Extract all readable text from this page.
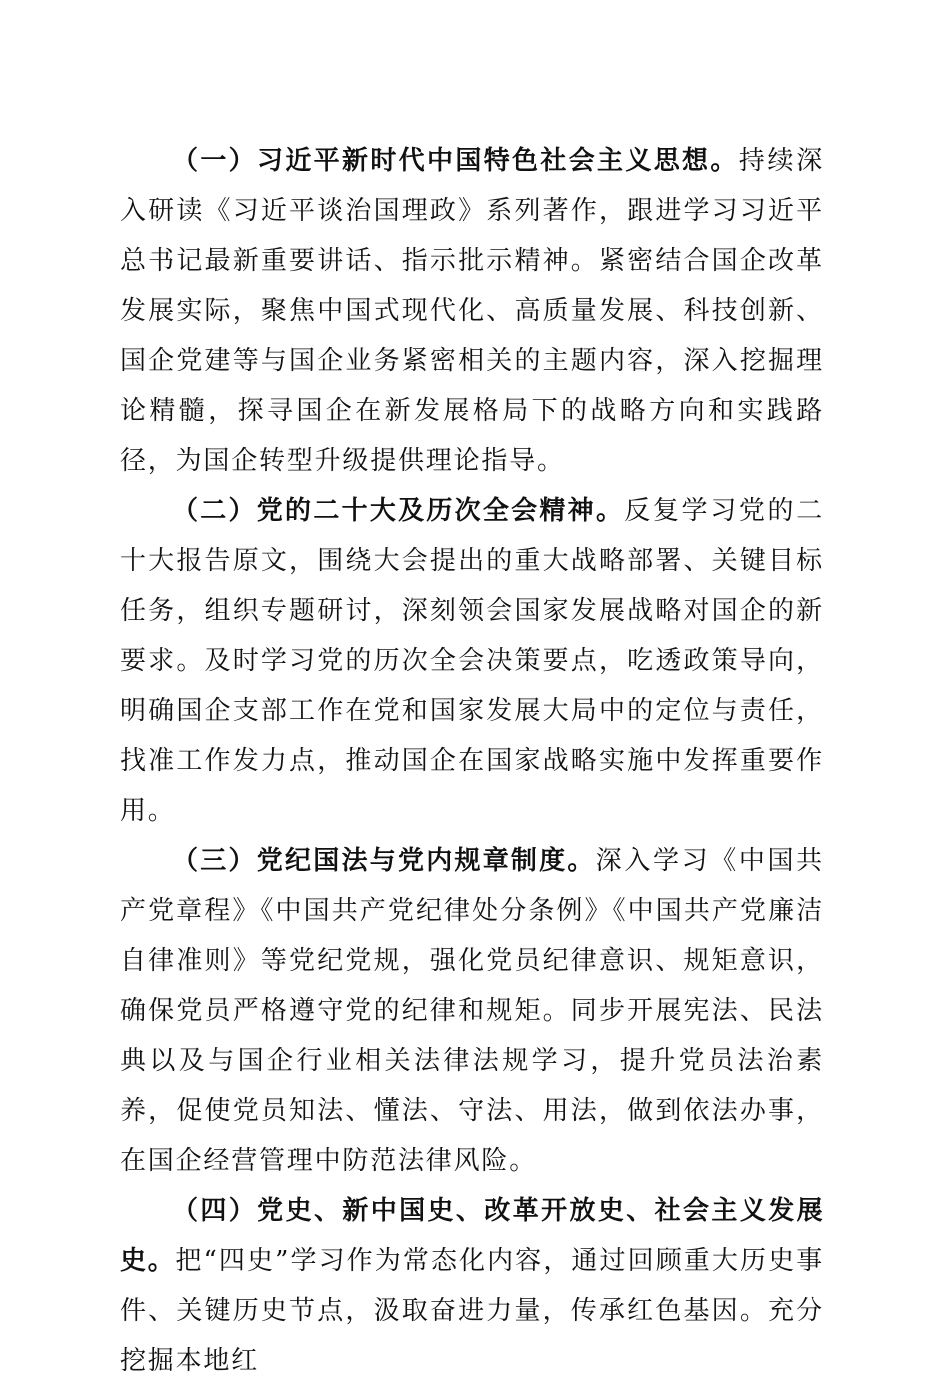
（一）习近平新时代中国特色社会主义思想。持续深入研读《习近平谈治国理政》系列著作，跟进学习习近平总书记最新重要讲话、指示批示精神。紧密结合国企改革发展实际，聚焦中国式现代化、高质量发展、科技创新、国企党建等与国企业务紧密相关的主题内容，深入挖掘理论精髓，探寻国企在新发展格局下的战略方向和实践路径，为国企转型升级提供理论指导。

（二）党的二十大及历次全会精神。反复学习党的二十大报告原文，围绕大会提出的重大战略部署、关键目标任务，组织专题研讨，深刻领会国家发展战略对国企的新要求。及时学习党的历次全会决策要点，吃透政策导向，明确国企支部工作在党和国家发展大局中的定位与责任，找准工作发力点，推动国企在国家战略实施中发挥重要作用。

（三）党纪国法与党内规章制度。深入学习《中国共产党章程》《中国共产党纪律处分条例》《中国共产党廉洁自律准则》等党纪党规，强化党员纪律意识、规矩意识，确保党员严格遵守党的纪律和规矩。同步开展宪法、民法典以及与国企行业相关法律法规学习，提升党员法治素养，促使党员知法、懂法、守法、用法，做到依法办事，在国企经营管理中防范法律风险。

（四）党史、新中国史、改革开放史、社会主义发展史。把“四史”学习作为常态化内容，通过回顾重大历史事件、关键历史节点，汲取奋进力量，传承红色基因。充分挖掘本地红
